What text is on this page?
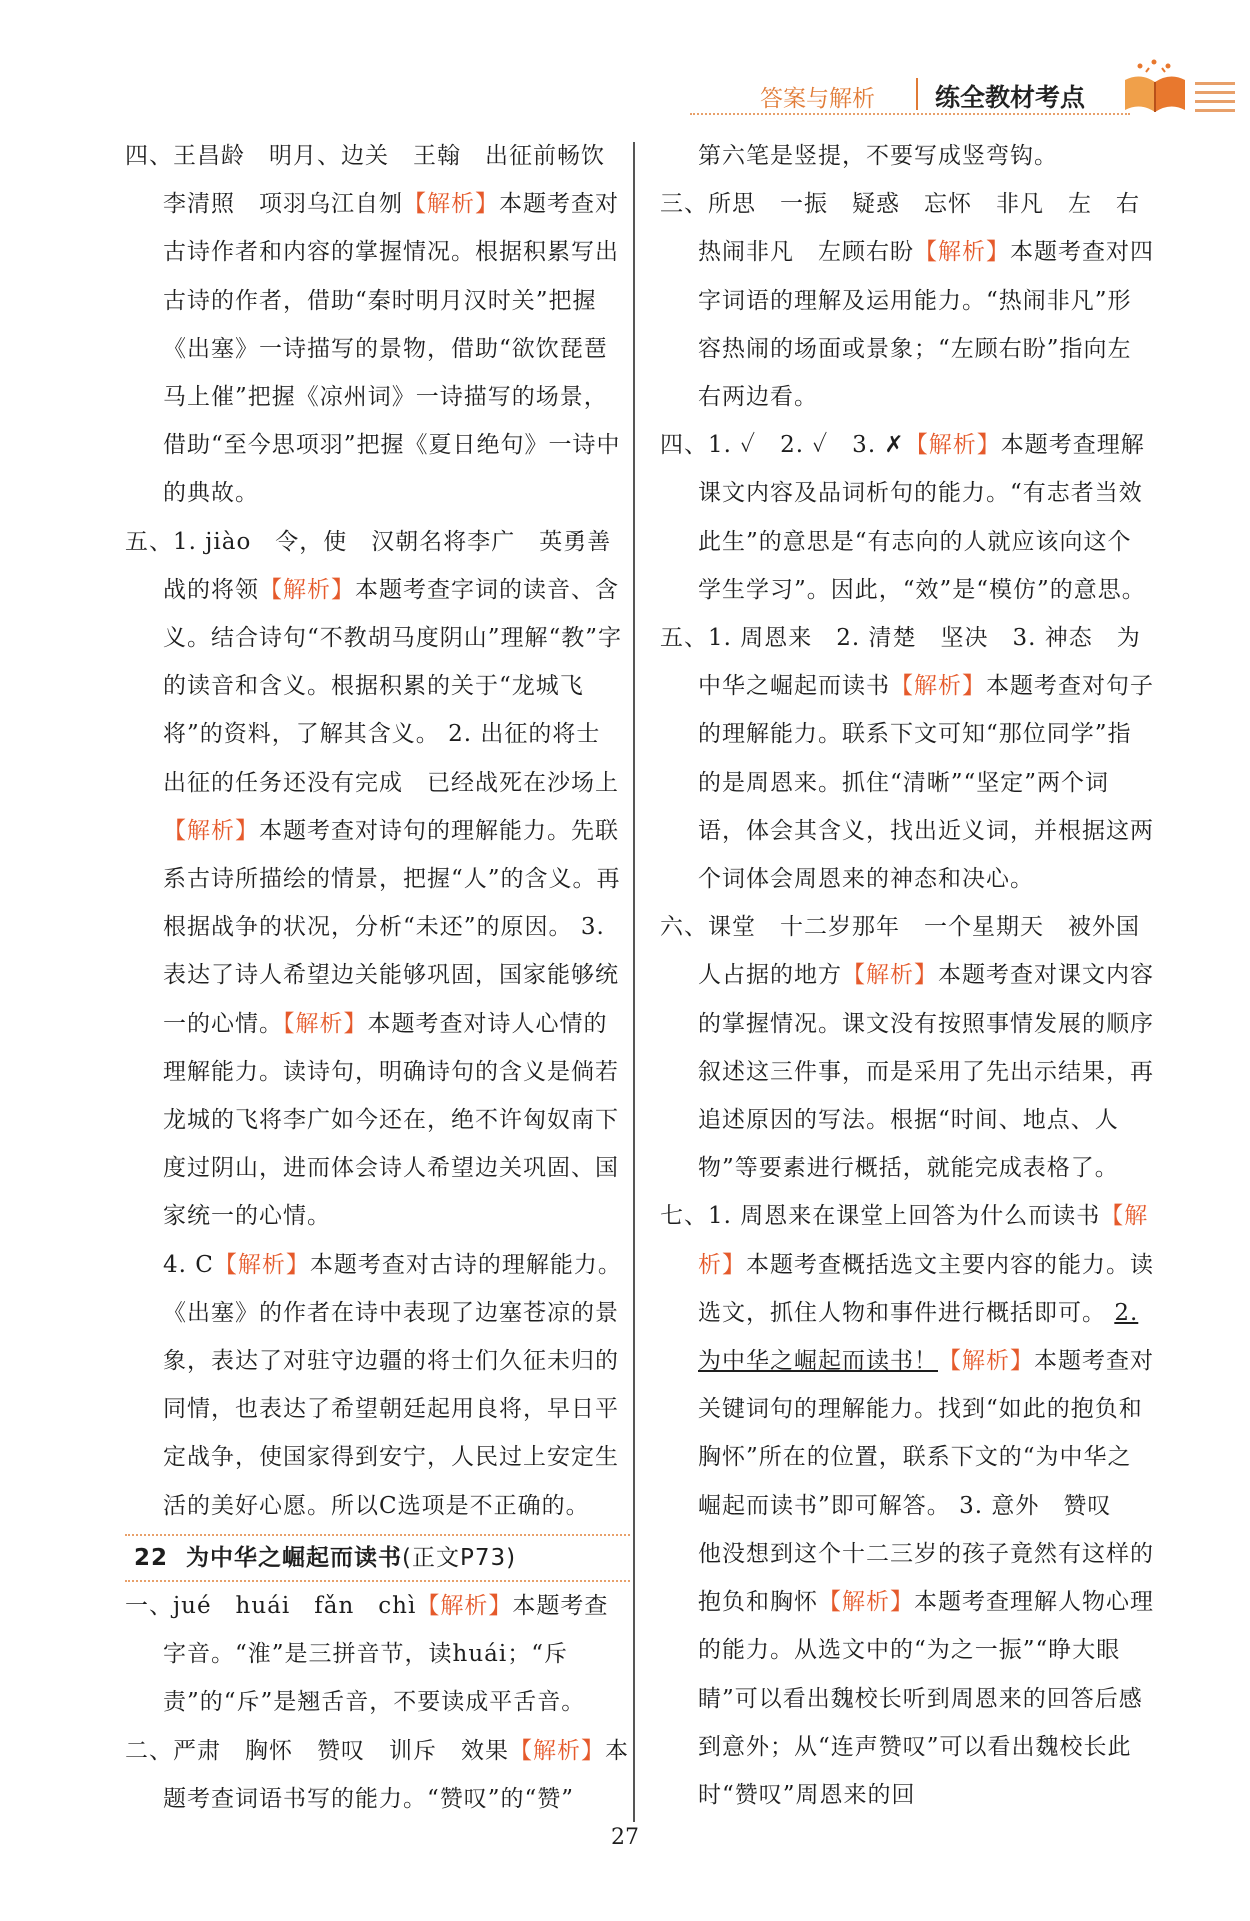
答案与解析 练全教材考点

四、王昌龄　明月、边关　王翰　出征前畅饮　李清照　项羽乌江自刎【解析】本题考查对古诗作者和内容的掌握情况。根据积累写出古诗的作者，借助“秦时明月汉时关”把握《出塞》一诗描写的景物，借助“欲饮琵琶马上催”把握《凉州词》一诗描写的场景，借助“至今思项羽”把握《夏日绝句》一诗中的典故。

五、1. jiào　令，使　汉朝名将李广　英勇善战的将领【解析】本题考查字词的读音、含义。结合诗句“不教胡马度阴山”理解“教”字的读音和含义。根据积累的关于“龙城飞将”的资料，了解其含义。 2. 出征的将士　出征的任务还没有完成　已经战死在沙场上【解析】本题考查对诗句的理解能力。先联系古诗所描绘的情景，把握“人”的含义。再根据战争的状况，分析“未还”的原因。 3. 表达了诗人希望边关能够巩固，国家能够统一的心情。【解析】本题考查对诗人心情的理解能力。读诗句，明确诗句的含义是倘若龙城的飞将李广如今还在，绝不许匈奴南下度过阴山，进而体会诗人希望边关巩固、国家统一的心情。

4. C【解析】本题考查对古诗的理解能力。《出塞》的作者在诗中表现了边塞苍凉的景象，表达了对驻守边疆的将士们久征未归的同情，也表达了希望朝廷起用良将，早日平定战争，使国家得到安宁，人民过上安定生活的美好心愿。所以C选项是不正确的。

22 为中华之崛起而读书(正文P73)

一、jué　huái　fǎn　chì【解析】本题考查字音。“淮”是三拼音节，读huái；“斥责”的“斥”是翘舌音，不要读成平舌音。

二、严肃　胸怀　赞叹　训斥　效果【解析】本题考查词语书写的能力。“赞叹”的“赞”

第六笔是竖提，不要写成竖弯钩。

三、所思　一振　疑惑　忘怀　非凡　左　右　热闹非凡　左顾右盼【解析】本题考查对四字词语的理解及运用能力。“热闹非凡”形容热闹的场面或景象；“左顾右盼”指向左右两边看。

四、1. ✓　2. ✓　3. ✗【解析】本题考查理解课文内容及品词析句的能力。“有志者当效此生”的意思是“有志向的人就应该向这个学生学习”。因此，“效”是“模仿”的意思。

五、1. 周恩来　2. 清楚　坚决　3. 神态　为中华之崛起而读书【解析】本题考查对句子的理解能力。联系下文可知“那位同学”指的是周恩来。抓住“清晰”“坚定”两个词语，体会其含义，找出近义词，并根据这两个词体会周恩来的神态和决心。

六、课堂　十二岁那年　一个星期天　被外国人占据的地方【解析】本题考查对课文内容的掌握情况。课文没有按照事情发展的顺序叙述这三件事，而是采用了先出示结果，再追述原因的写法。根据“时间、地点、人物”等要素进行概括，就能完成表格了。

七、1. 周恩来在课堂上回答为什么而读书【解析】本题考查概括选文主要内容的能力。读选文，抓住人物和事件进行概括即可。 2. 为中华之崛起而读书！【解析】本题考查对关键词句的理解能力。找到“如此的抱负和胸怀”所在的位置，联系下文的“为中华之崛起而读书”即可解答。 3. 意外　赞叹　他没想到这个十二三岁的孩子竟然有这样的抱负和胸怀【解析】本题考查理解人物心理的能力。从选文中的“为之一振”“睁大眼睛”可以看出魏校长听到周恩来的回答后感到意外；从“连声赞叹”可以看出魏校长此时“赞叹”周恩来的回

27
